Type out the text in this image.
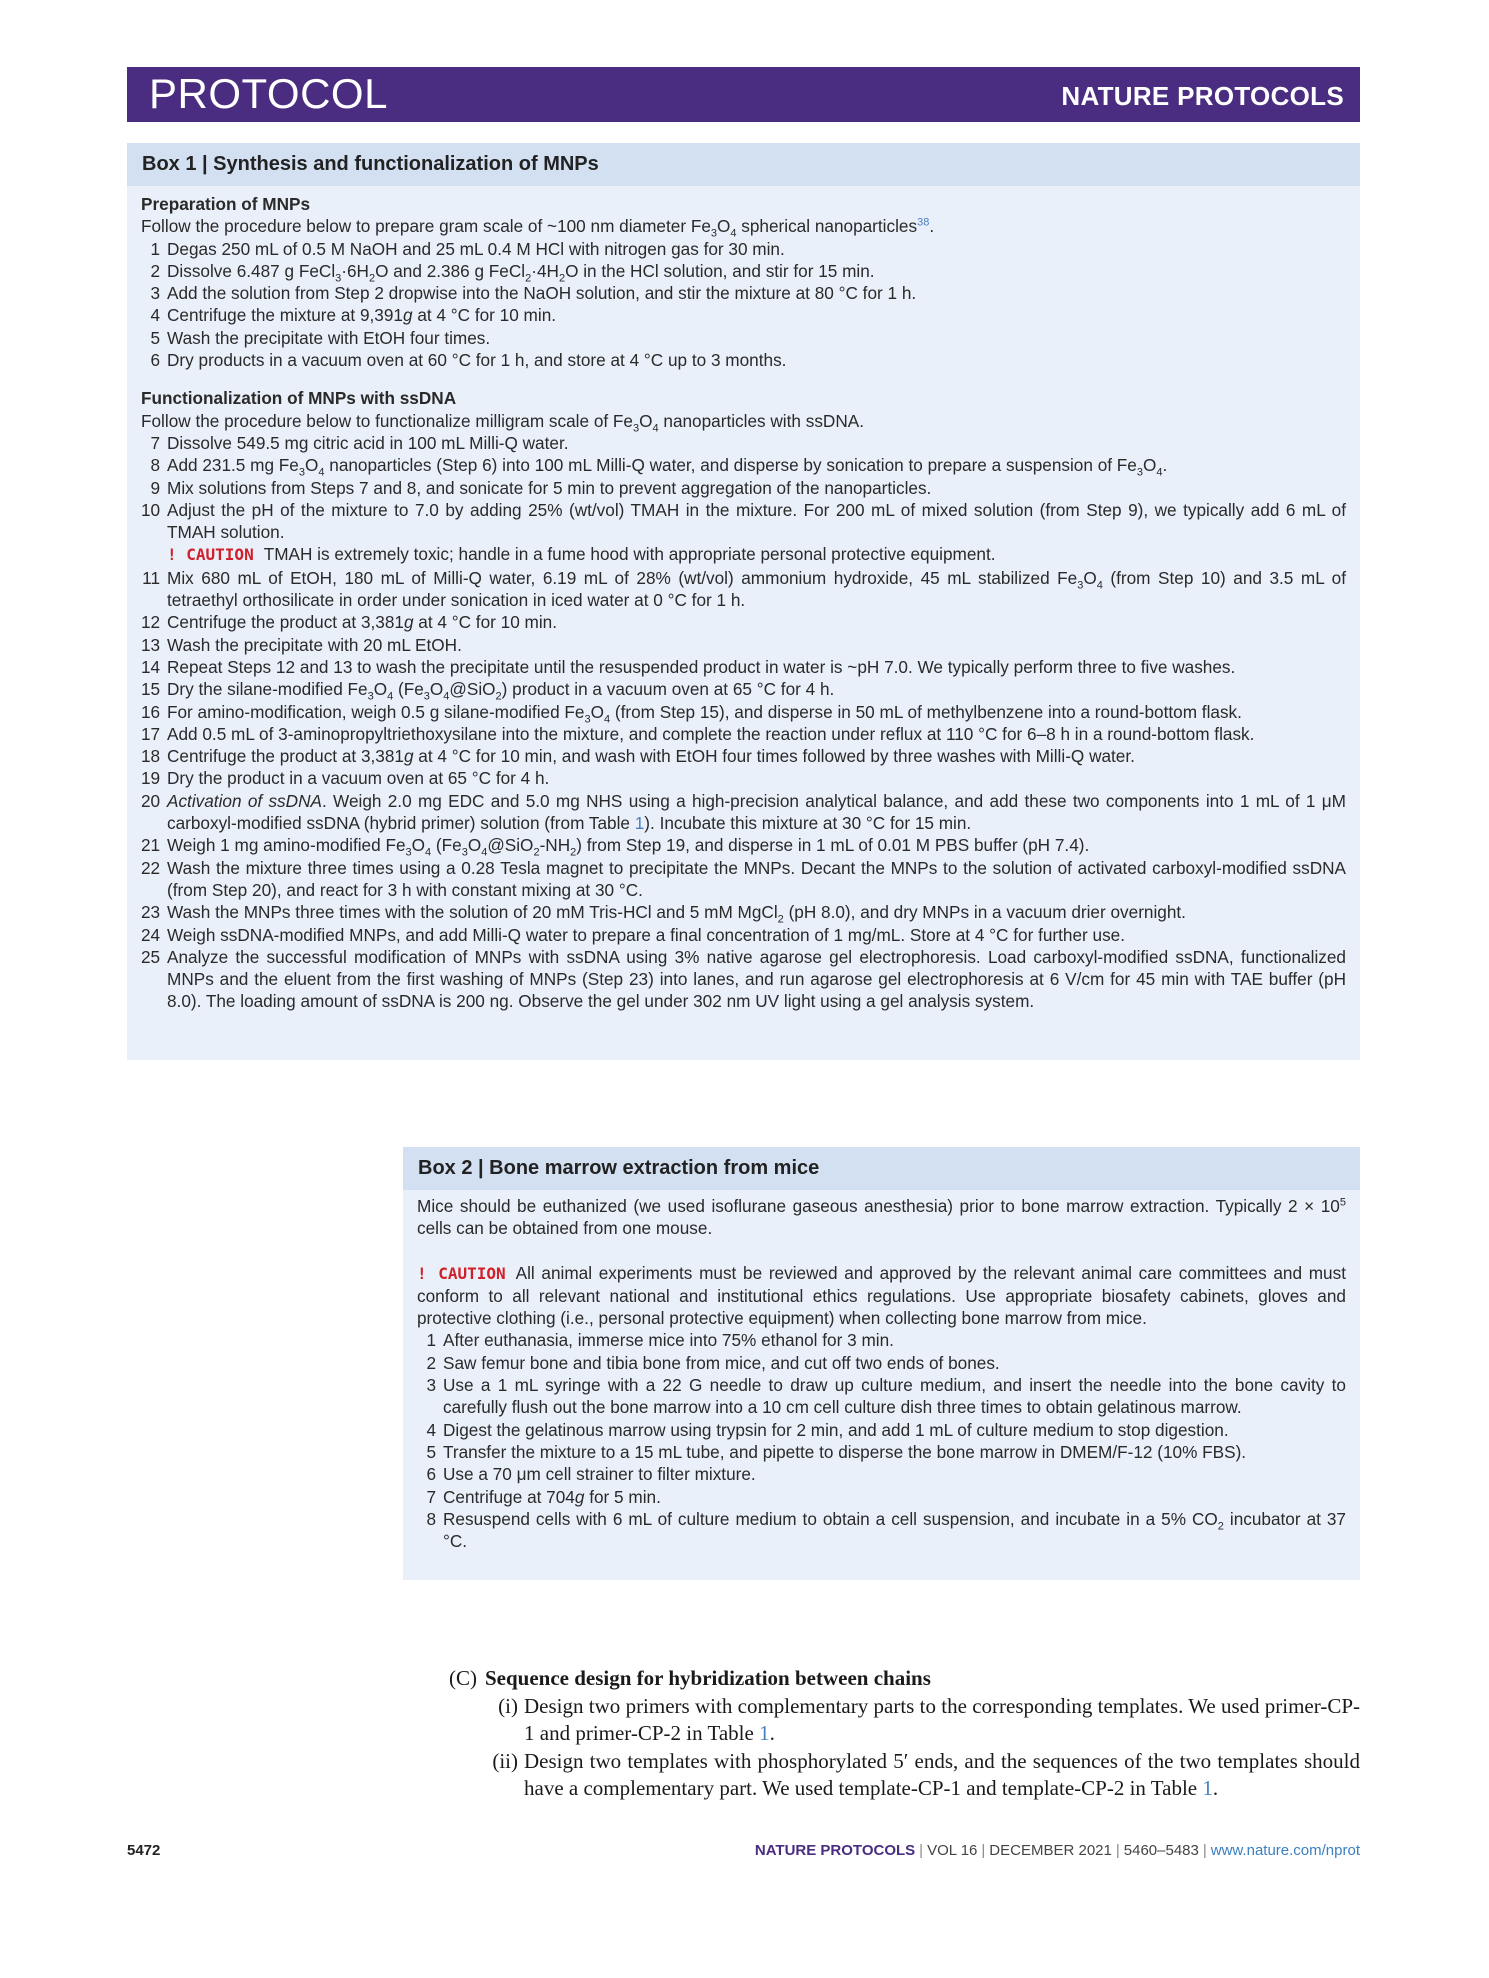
PROTOCOL	NATURE PROTOCOLS
Box 1 | Synthesis and functionalization of MNPs
Preparation of MNPs
Follow the procedure below to prepare gram scale of ~100 nm diameter $Fe_3O_4$ spherical nanoparticles$^{38}$.
1 Degas 250 mL of 0.5 M NaOH and 25 mL 0.4 M HCl with nitrogen gas for 30 min.
2 Dissolve 6.487 g $FeCl_3\cdot 6H_2O$ and 2.386 g $FeCl_2\cdot 4H_2O$ in the HCl solution, and stir for 15 min.
3 Add the solution from Step 2 dropwise into the NaOH solution, and stir the mixture at 80 °C for 1 h.
4 Centrifuge the mixture at 9,391g at 4 °C for 10 min.
5 Wash the precipitate with EtOH four times.
6 Dry products in a vacuum oven at 60 °C for 1 h, and store at 4 °C up to 3 months.
Functionalization of MNPs with ssDNA
Follow the procedure below to functionalize milligram scale of $Fe_3O_4$ nanoparticles with ssDNA.
7 Dissolve 549.5 mg citric acid in 100 mL Milli-Q water.
8 Add 231.5 mg $Fe_3O_4$ nanoparticles (Step 6) into 100 mL Milli-Q water, and disperse by sonication to prepare a suspension of $Fe_3O_4$.
9 Mix solutions from Steps 7 and 8, and sonicate for 5 min to prevent aggregation of the nanoparticles.
10 Adjust the pH of the mixture to 7.0 by adding 25% (wt/vol) TMAH in the mixture. For 200 mL of mixed solution (from Step 9), we typically add 6 mL of TMAH solution.
! CAUTION TMAH is extremely toxic; handle in a fume hood with appropriate personal protective equipment.
11 Mix 680 mL of EtOH, 180 mL of Milli-Q water, 6.19 mL of 28% (wt/vol) ammonium hydroxide, 45 mL stabilized $Fe_3O_4$ (from Step 10) and 3.5 mL of tetraethyl orthosilicate in order under sonication in iced water at 0 °C for 1 h.
12 Centrifuge the product at 3,381g at 4 °C for 10 min.
13 Wash the precipitate with 20 mL EtOH.
14 Repeat Steps 12 and 13 to wash the precipitate until the resuspended product in water is ~pH 7.0. We typically perform three to five washes.
15 Dry the silane-modified $Fe_3O_4$ $(Fe_3O_4@SiO_2)$ product in a vacuum oven at 65 °C for 4 h.
16 For amino-modification, weigh 0.5 g silane-modified $Fe_3O_4$ (from Step 15), and disperse in 50 mL of methylbenzene into a round-bottom flask.
17 Add 0.5 mL of 3-aminopropyltriethoxysilane into the mixture, and complete the reaction under reflux at 110 °C for 6–8 h in a round-bottom flask.
18 Centrifuge the product at 3,381g at 4 °C for 10 min, and wash with EtOH four times followed by three washes with Milli-Q water.
19 Dry the product in a vacuum oven at 65 °C for 4 h.
20 Activation of ssDNA. Weigh 2.0 mg EDC and 5.0 mg NHS using a high-precision analytical balance, and add these two components into 1 mL of 1 μM carboxyl-modified ssDNA (hybrid primer) solution (from Table 1). Incubate this mixture at 30 °C for 15 min.
21 Weigh 1 mg amino-modified $Fe_3O_4$ $(Fe_3O_4@SiO_2-NH_2)$ from Step 19, and disperse in 1 mL of 0.01 M PBS buffer (pH 7.4).
22 Wash the mixture three times using a 0.28 Tesla magnet to precipitate the MNPs. Decant the MNPs to the solution of activated carboxyl-modified ssDNA (from Step 20), and react for 3 h with constant mixing at 30 °C.
23 Wash the MNPs three times with the solution of 20 mM Tris-HCl and 5 mM MgCl$_2$ (pH 8.0), and dry MNPs in a vacuum drier overnight.
24 Weigh ssDNA-modified MNPs, and add Milli-Q water to prepare a final concentration of 1 mg/mL. Store at 4 °C for further use.
25 Analyze the successful modification of MNPs with ssDNA using 3% native agarose gel electrophoresis. Load carboxyl-modified ssDNA, functionalized MNPs and the eluent from the first washing of MNPs (Step 23) into lanes, and run agarose gel electrophoresis at 6 V/cm for 45 min with TAE buffer (pH 8.0). The loading amount of ssDNA is 200 ng. Observe the gel under 302 nm UV light using a gel analysis system.
Box 2 | Bone marrow extraction from mice
Mice should be euthanized (we used isoflurane gaseous anesthesia) prior to bone marrow extraction. Typically $2 \times 10^5$ cells can be obtained from one mouse.
! CAUTION All animal experiments must be reviewed and approved by the relevant animal care committees and must conform to all relevant national and institutional ethics regulations. Use appropriate biosafety cabinets, gloves and protective clothing (i.e., personal protective equipment) when collecting bone marrow from mice.
1 After euthanasia, immerse mice into 75% ethanol for 3 min.
2 Saw femur bone and tibia bone from mice, and cut off two ends of bones.
3 Use a 1 mL syringe with a 22 G needle to draw up culture medium, and insert the needle into the bone cavity to carefully flush out the bone marrow into a 10 cm cell culture dish three times to obtain gelatinous marrow.
4 Digest the gelatinous marrow using trypsin for 2 min, and add 1 mL of culture medium to stop digestion.
5 Transfer the mixture to a 15 mL tube, and pipette to disperse the bone marrow in DMEM/F-12 (10% FBS).
6 Use a 70 μm cell strainer to filter mixture.
7 Centrifuge at 704g for 5 min.
8 Resuspend cells with 6 mL of culture medium to obtain a cell suspension, and incubate in a 5% $CO_2$ incubator at 37 °C.
(C) Sequence design for hybridization between chains
(i) Design two primers with complementary parts to the corresponding templates. We used primer-CP-1 and primer-CP-2 in Table 1.
(ii) Design two templates with phosphorylated 5′ ends, and the sequences of the two templates should have a complementary part. We used template-CP-1 and template-CP-2 in Table 1.
5472	NATURE PROTOCOLS | VOL 16 | DECEMBER 2021 | 5460–5483 | www.nature.com/nprot
